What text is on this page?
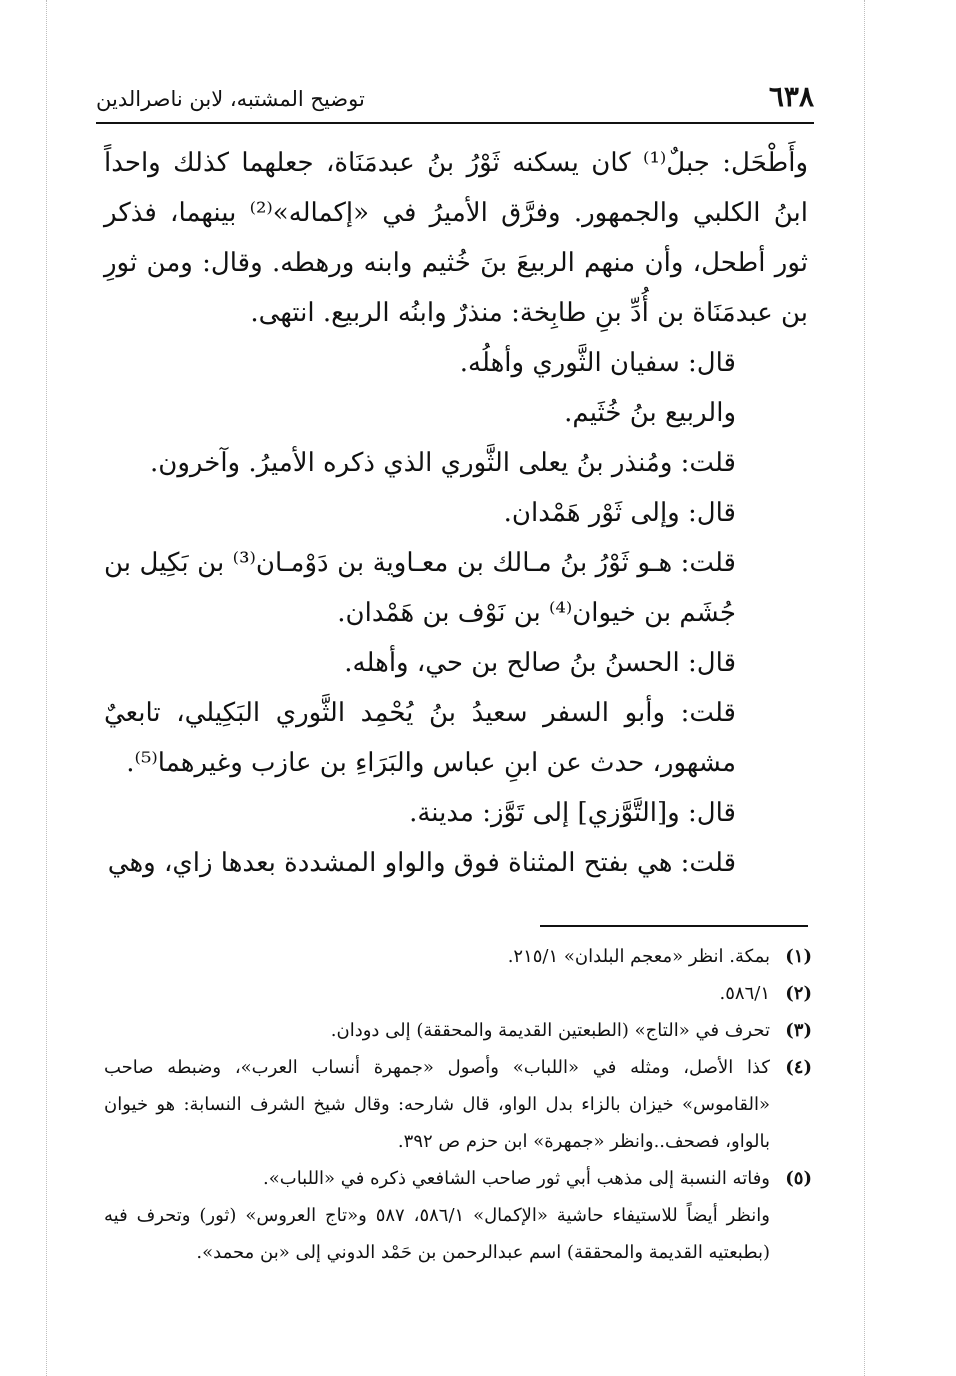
٦٣٨
توضيح المشتبه، لابن ناصرالدين

وأَطْحَل: جبلٌ⁽¹⁾ كان يسكنه ثَوْرُ بنُ عبدمَنَاة، جعلهما كذلك واحداً ابنُ الكلبي والجمهور. وفرَّق الأميرُ في «إكماله»⁽²⁾ بينهما، فذكر ثور أطحل، وأن منهم الربيعَ بنَ خُثيم وابنه ورهطه. وقال: ومن ثورِ بن عبدمَنَاة بن أُدِّ بنِ طابِخة: منذرٌ وابنُه الربيع. انتهى.

قال: سفيان الثَّوري وأهلُه.

والربيع بنُ خُثَيم.

قلت: ومُنذر بنُ يعلى الثَّوري الذي ذكره الأميرُ. وآخرون.

قال: وإلى ثَوْر هَمْدان.

قلت: هـو ثَوْرُ بنُ مـالك بن معـاوية بن دَوْمـان⁽³⁾ بن بَكِيل بن جُشَم بن خيوان⁽⁴⁾ بن نَوْف بن هَمْدان.

قال: الحسنُ بنُ صالح بن حي، وأهله.

قلت: وأبو السفر سعيدُ بنُ يُحْمِد الثَّوري البَكِيلي، تابعيٌ مشهور، حدث عن ابنِ عباس والبَرَاءِ بن عازب وغيرهما⁽⁵⁾.

قال: و[التَّوَّزي] إلى تَوَّز: مدينة.

قلت: هي بفتح المثناة فوق والواو المشددة بعدها زاي، وهي

(١)
بمكة. انظر «معجم البلدان» ٢١٥/١.
(٢)
٥٨٦/١.
(٣)
تحرف في «التاج» (الطبعتين القديمة والمحققة) إلى دودان.
(٤)
كذا الأصل، ومثله في «اللباب» وأصول «جمهرة أنساب العرب»، وضبطه صاحب «القاموس» خيزان بالزاء بدل الواو، قال شارحه: وقال شيخ الشرف النسابة: هو خيوان بالواو، فصحف..وانظر «جمهرة» ابن حزم ص ٣٩٢.
(٥)
وفاته النسبة إلى مذهب أبي ثور صاحب الشافعي ذكره في «اللباب».

وانظر أيضاً للاستيفاء حاشية «الإكمال» ٥٨٦/١، ٥٨٧ و«تاج العروس» (ثور) وتحرف فيه (بطبعتيه القديمة والمحققة) اسم عبدالرحمن بن حَمْد الدوني إلى «بن محمد».
